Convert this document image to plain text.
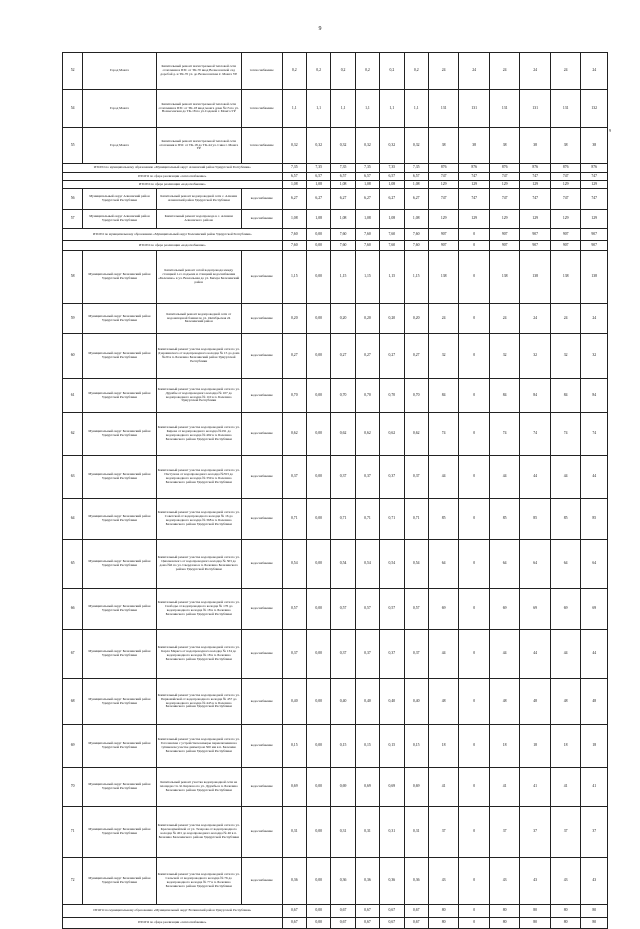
9
9
52	Город Можга	Капитальный ремонт магистральной тепловой сети отопления в ПЗС от ТК-70 ввод Вознесенской сад доробой д. и ТК-70 ул. до Вознесенская 2. Можга УР	теплоснабжение	0,2	0,2	0,2	0,2	0,2	0,2	24	24	24	24	24	24
54	Город Можга	Капитальный ремонт магистральной тепловой сети отопления в ПЗС от ТК-18 ввод можга дома №15 по ул. Вознесенская до ТК-18 по ул.Садовой г. Можга УР	теплоснабжение	1,1	1,1	1,1	1,1	1,1	1,1	131	131	131	131	131	132
55	Город Можга	Капитальный ремонт магистральной тепловой сети отопления в ПЗС от ТК-18 до ТК-44 ул. Сина г. Можга УР	теплоснабжение	0,32	0,32	0,32	0,32	0,32	0,32	38	38	38	38	38	38
ИТОГО по муниципальному образованию «Муниципальный округ Алнашский район Удмуртской Республики»				7,35	7,35	7,35	7,35	7,35	7,35	876	876	876	876	876	876
ИТОГО по сфере реализации «теплоснабжение»				6,57	6,57	6,57	6,57	6,57	6,57	747	747	747	747	747	747
ИТОГО по сфере реализации «водоснабжение»				1,08	1,08	1,08	1,08	1,08	1,08	129	129	129	129	129	129
56	Муниципальный округ Алнашский район Удмуртской Республики	Капитальный ремонт водопроводной сети с. Алнаши Алнашский район Удмуртской Республики	водоснабжение	6,27	6,27	6,27	6,27	6,27	6,27	747	747	747	747	747	747
57	Муниципальный округ Алнашский район Удмуртской Республики	Капитальный ремонт водопровода в с. Алнаши Алнашского района	водоснабжение	1,08	1,08	1,08	1,08	1,08	1,08	129	129	129	129	129	129
ИТОГО по муниципальному образованию «Муниципальный округ Балезинский район Удмуртской Республики»				7,60	0,00	7,60	7,60	7,60	7,60	907	0	907	907	907	907
ИТОГО по сфере реализации «водоснабжение»				7,60	0,00	7,60	7,60	7,60	7,60	907	0	907	907	907	907
58	Муниципальный округ Балезинский район Удмуртской Республики	Капитальный ремонт сетей водопровода между станцией 1-го подъема и станцией водоснабжения «Балезино» в ул. Вокзальная до ул. Бисера Балезинский район	водоснабжение	1,15	0,00	1,15	1,15	1,15	1,15	138	0	138	138	138	138
59	Муниципальный округ Балезинский район Удмуртской Республики	Капитальный ремонт водопроводной сети от водонапорной башни по ул. Октябрьская 24 Балезинский район	водоснабжение	0,20	0,00	0,20	0,20	0,20	0,20	24	0	24	24	24	24
60	Муниципальный округ Балезинский район Удмуртской Республики	Капитальный ремонт участка водопроводной сети по ул. Дзержинского от водопроводного колодца № 15 до дома №20 в п. Балезино Балезинский район Удмуртской Республики	водоснабжение	0,27	0,00	0,27	0,27	0,27	0,27	32	0	32	32	32	32
61	Муниципальный округ Балезинский район Удмуртской Республики	Капитальный ремонт участка водопроводной сети по ул. Дружбы от водопроводного колодца № 107 до водопроводного колодца № 110 в п. Балезино Удмуртской Республики	водоснабжение	0,70	0,00	0,70	0,70	0,70	0,70	84	0	84	84	84	84
62	Муниципальный округ Балезинский район Удмуртской Республики	Капитальный ремонт участка водопроводной сети по ул. Кирова от водопроводного колодца №191 до водопроводного колодца № 492 в п. Балезино Балезинского района Удмуртской Республики	водоснабжение	0,62	0,00	0,62	0,62	0,62	0,62	74	0	74	74	74	74
63	Муниципальный округ Балезинский район Удмуртской Республики	Капитальный ремонт участка водопроводной сети по ул. Пастухова от водопроводного колодца №353 до водопроводного колодца № 359 в п. Балезино Балезинского района Удмуртской Республики	водоснабжение	0,37	0,00	0,37	0,37	0,37	0,37	44	0	44	44	44	44
64	Муниципальный округ Балезинский район Удмуртской Республики	Капитальный ремонт участка водопроводной сети по ул. Советской от водопроводного колодца № 16 до водопроводного колодца № 368 в п. Балезино Балезинского района Удмуртской Республики	водоснабжение	0,71	0,00	0,71	0,71	0,71	0,71	85	0	85	85	85	85
65	Муниципальный округ Балезинский район Удмуртской Республики	Капитальный ремонт участка водопроводной сети по ул. Циолковского от водопроводного колодца № 303 до дома №6 по ул. Свердлова в п. Балезино Балезинского района Удмуртской Республики	водоснабжение	0,54	0,00	0,54	0,54	0,54	0,54	64	0	64	64	64	64
66	Муниципальный округ Балезинский район Удмуртской Республики	Капитальный ремонт участка водопроводной сети по ул. Свободы от водопроводного колодца № 176 до водопроводного колодца № 18 в п. Балезино Балезинского района Удмуртской Республики	водоснабжение	0,57	0,00	0,57	0,57	0,57	0,57	69	0	69	69	69	69
67	Муниципальный округ Балезинский район Удмуртской Республики	Капитальный ремонт участка водопроводной сети по ул. Карла Маркса от водопроводного колодца № 134 до водопроводного колодца № 18 в п. Балезино Балезинского района Удмуртской Республики	водоснабжение	0,37	0,00	0,37	0,37	0,37	0,37	44	0	44	44	44	44
68	Муниципальный округ Балезинский район Удмуртской Республики	Капитальный ремонт участка водопроводной сети по ул. Первомайской от водопроводного колодца № 457 до водопроводного колодца № 443 в п. Балезино Балезинского района Удмуртской Республики	водоснабжение	0,40	0,00	0,40	0,40	0,40	0,40	48	0	48	48	48	48
69	Муниципальный округ Балезинский район Удмуртской Республики	Капитальный ремонт участка водопроводной сети по ул. Гоголевская с устройством камеры переключения на тупиковом участке диаметром 300 мм в п. Балезино Балезинского района Удмуртской Республики	водоснабжение	0,15	0,00	0,15	0,15	0,15	0,15	18	0	18	18	18	18
70	Муниципальный округ Балезинский район Удмуртской Республики	Капитальный ремонт участка водопроводной сети на площади с/п. Я. Карпово по ул. Дружбы в п. Балезино Балезинского района Удмуртской Республики	водоснабжение	0,69	0,00	0,69	0,69	0,69	0,69	41	0	41	41	41	41
71	Муниципальный округ Балезинский район Удмуртской Республики	Капитальный ремонт участка водопроводной сети по ул. Красноармейской от ул. Тезарова от водопроводного колодца № 401 до водопроводного колодца № 46 в п. Балезино Балезинского района Удмуртской Республики	водоснабжение	0,31	0,00	0,31	0,31	0,31	0,31	37	0	37	37	37	37
72	Муниципальный округ Балезинский район Удмуртской Республики	Капитальный ремонт участка водопроводной сети по ул. Сельской от водопроводного колодца № 76 до водопроводного колодца № 77 в п. Балезино Балезинского района Удмуртской Республики	водоснабжение	0,36	0,00	0,36	0,36	0,36	0,36	43	0	43	43	43	43
ИТОГО по муниципальному образованию «Муниципальный округ Воткинский район Удмуртской Республики»				0,67	0,00	0,67	0,67	0,67	0,67	80	0	80	80	80	80
ИТОГО по сфере реализации «теплоснабжение»				0,67	0,00	0,67	0,67	0,67	0,67	80	0	80	80	80	80
